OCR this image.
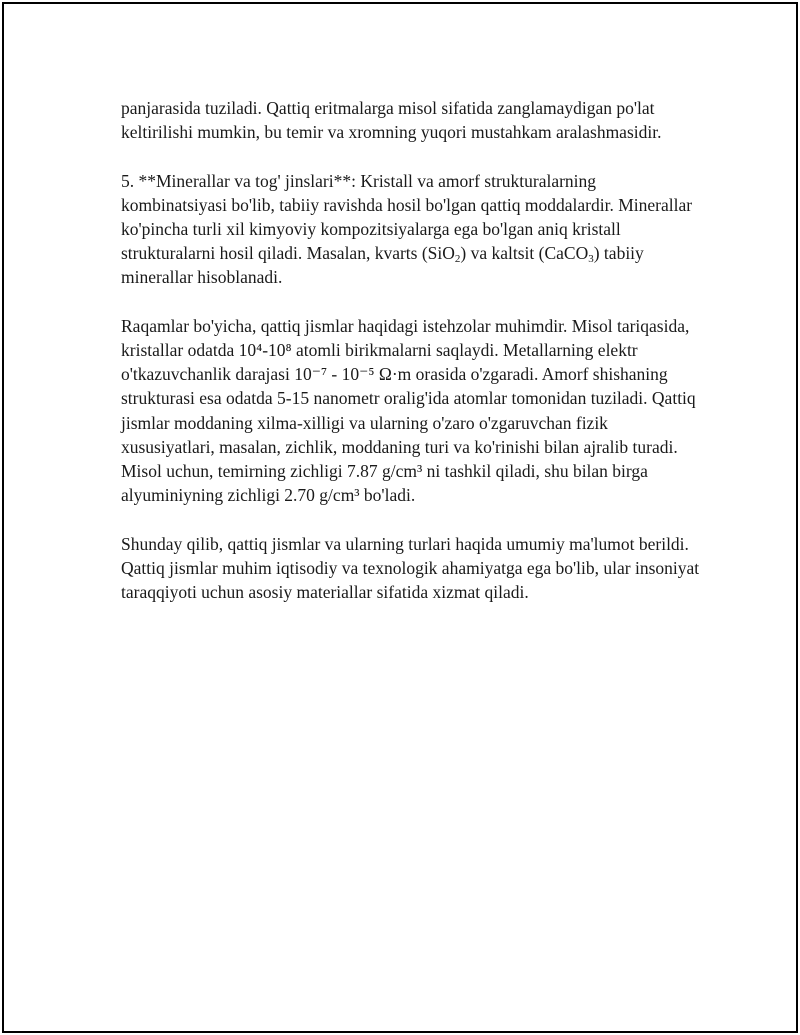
panjarasida tuziladi. Qattiq eritmalarga misol sifatida zanglamaydigan po'lat keltirilishi mumkin, bu temir va xromning yuqori mustahkam aralashmasidir.

5. **Minerallar va tog' jinslari**: Kristall va amorf strukturalarning kombinatsiyasi bo'lib, tabiiy ravishda hosil bo'lgan qattiq moddalardir. Minerallar ko'pincha turli xil kimyoviy kompozitsiyalarga ega bo'lgan aniq kristall strukturalarni hosil qiladi. Masalan, kvarts (SiO$_2$) va kaltsit (CaCO$_3$) tabiiy minerallar hisoblanadi.

Raqamlar bo'yicha, qattiq jismlar haqidagi istehzolar muhimdir. Misol tariqasida, kristallar odatda 10⁴-10⁸ atomli birikmalarni saqlaydi. Metallarning elektr o'tkazuvchanlik darajasi 10⁻⁷ - 10⁻⁵ Ω·m orasida o'zgaradi. Amorf shishaning strukturasi esa odatda 5-15 nanometr oralig'ida atomlar tomonidan tuziladi. Qattiq jismlar moddaning xilma-xilligi va ularning o'zaro o'zgaruvchan fizik xususiyatlari, masalan, zichlik, moddaning turi va ko'rinishi bilan ajralib turadi. Misol uchun, temirning zichligi 7.87 g/cm³ ni tashkil qiladi, shu bilan birga alyuminiyning zichligi 2.70 g/cm³ bo'ladi.

Shunday qilib, qattiq jismlar va ularning turlari haqida umumiy ma'lumot berildi. Qattiq jismlar muhim iqtisodiy va texnologik ahamiyatga ega bo'lib, ular insoniyat taraqqiyoti uchun asosiy materiallar sifatida xizmat qiladi.
